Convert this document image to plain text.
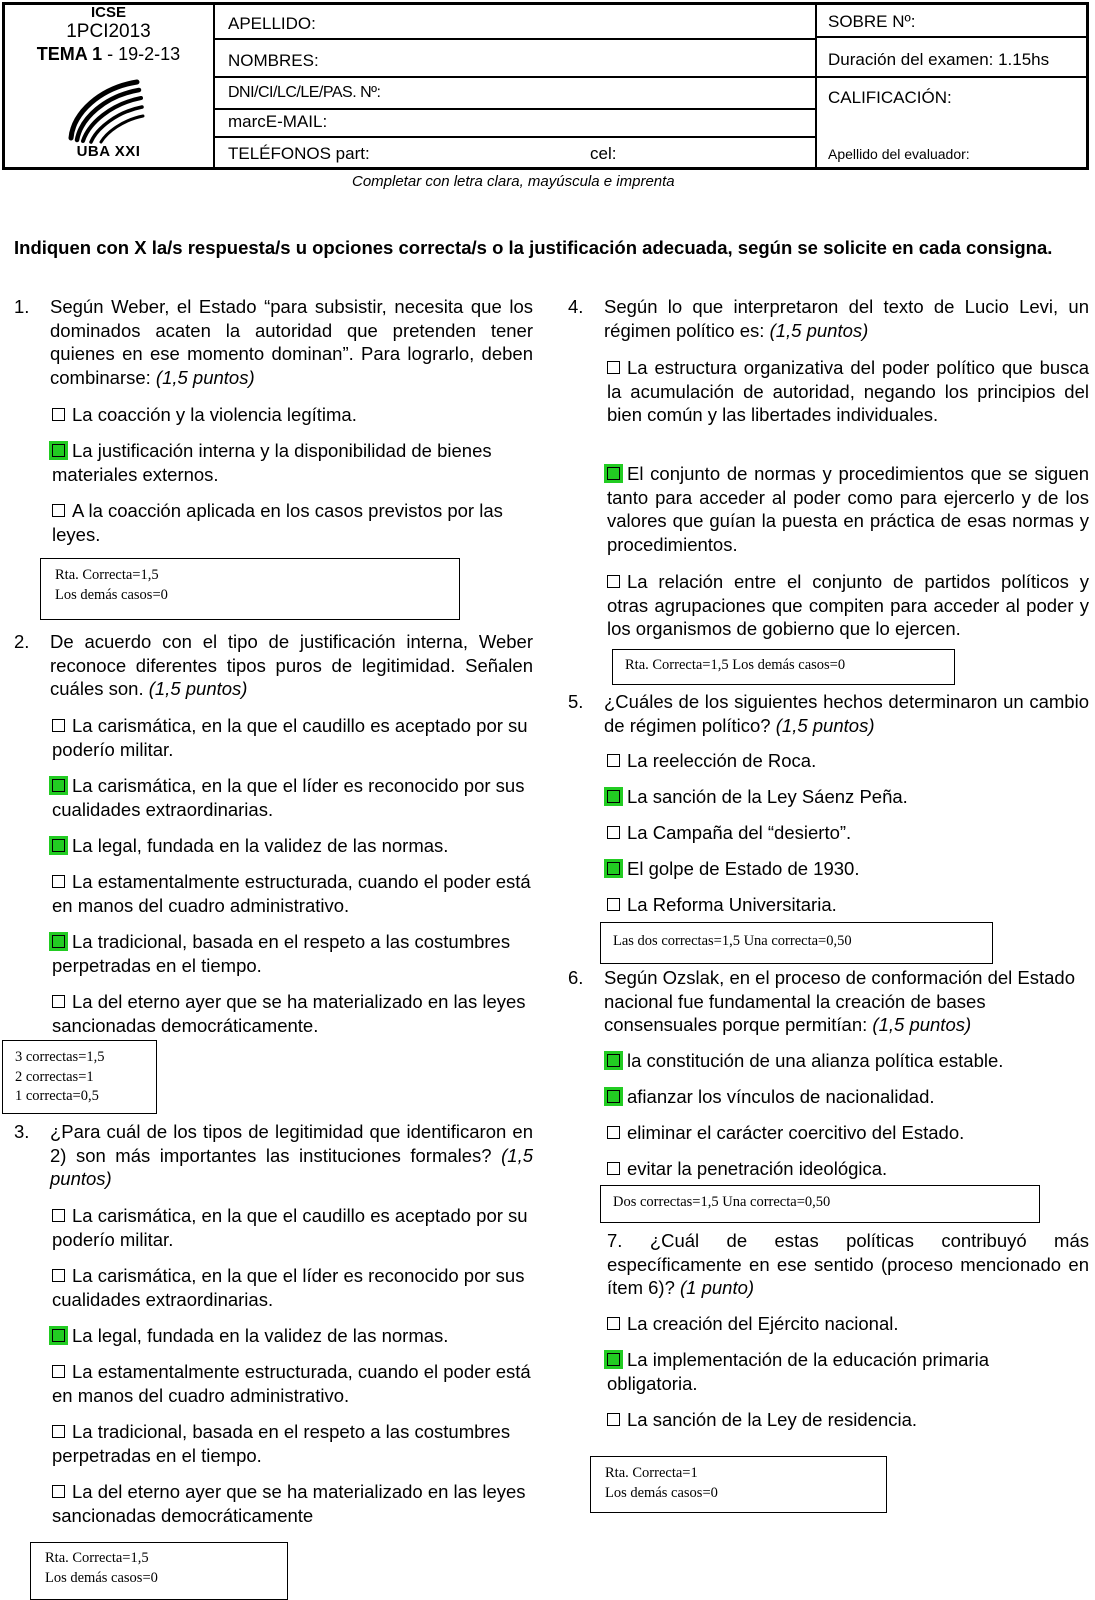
ICSE
1PCI2013
TEMA 1 - 19-2-13
UBA XXI
APELLIDO:
NOMBRES:
DNI/CI/LC/LE/PAS. Nº:
marcE-MAIL:
TELÉFONOS part:	cel:
SOBRE Nº:
Duración del examen: 1.15hs
CALIFICACIÓN:
Apellido del evaluador:
Completar con letra clara, mayúscula e imprenta
Indiquen con X la/s respuesta/s u opciones correcta/s o la justificación adecuada, según se solicite en cada consigna.
1. Según Weber, el Estado “para subsistir, necesita que los dominados acaten la autoridad que pretenden tener quienes en ese momento dominan”. Para lograrlo, deben combinarse: (1,5 puntos)
La coacción y la violencia legítima.
La justificación interna y la disponibilidad de bienes materiales externos.
A la coacción aplicada en los casos previstos por las leyes.
Rta. Correcta=1,5
Los demás casos=0
2. De acuerdo con el tipo de justificación interna, Weber reconoce diferentes tipos puros de legitimidad. Señalen cuáles son. (1,5 puntos)
La carismática, en la que el caudillo es aceptado por su poderío militar.
La carismática, en la que el líder es reconocido por sus cualidades extraordinarias.
La legal, fundada en la validez de las normas.
La estamentalmente estructurada, cuando el poder está en manos del cuadro administrativo.
La tradicional, basada en el respeto a las costumbres perpetradas en el tiempo.
La del eterno ayer que se ha materializado en las leyes sancionadas democráticamente.
3 correctas=1,5
2 correctas=1
1 correcta=0,5
3. ¿Para cuál de los tipos de legitimidad que identificaron en 2) son más importantes las instituciones formales? (1,5 puntos)
La carismática, en la que el caudillo es aceptado por su poderío militar.
La carismática, en la que el líder es reconocido por sus cualidades extraordinarias.
La legal, fundada en la validez de las normas.
La estamentalmente estructurada, cuando el poder está en manos del cuadro administrativo.
La tradicional, basada en el respeto a las costumbres perpetradas en el tiempo.
La del eterno ayer que se ha materializado en las leyes sancionadas democráticamente
Rta. Correcta=1,5
Los demás casos=0
4. Según lo que interpretaron del texto de Lucio Levi, un régimen político es: (1,5 puntos)
La estructura organizativa del poder político que busca la acumulación de autoridad, negando los principios del bien común y las libertades individuales.
El conjunto de normas y procedimientos que se siguen tanto para acceder al poder como para ejercerlo y de los valores que guían la puesta en práctica de esas normas y procedimientos.
La relación entre el conjunto de partidos políticos y otras agrupaciones que compiten para acceder al poder y los organismos de gobierno que lo ejercen.
Rta. Correcta=1,5 Los demás casos=0
5. ¿Cuáles de los siguientes hechos determinaron un cambio de régimen político? (1,5 puntos)
La reelección de Roca.
La sanción de la Ley Sáenz Peña.
La Campaña del “desierto”.
El golpe de Estado de 1930.
La Reforma Universitaria.
Las dos correctas=1,5 Una correcta=0,50
6. Según Ozslak, en el proceso de conformación del Estado nacional fue fundamental la creación de bases consensuales porque permitían: (1,5 puntos)
la constitución de una alianza política estable.
afianzar los vínculos de nacionalidad.
eliminar el carácter coercitivo del Estado.
evitar la penetración ideológica.
Dos correctas=1,5 Una correcta=0,50
7. ¿Cuál de estas políticas contribuyó más específicamente en ese sentido (proceso mencionado en ítem 6)? (1 punto)
La creación del Ejército nacional.
La implementación de la educación primaria obligatoria.
La sanción de la Ley de residencia.
Rta. Correcta=1
Los demás casos=0
